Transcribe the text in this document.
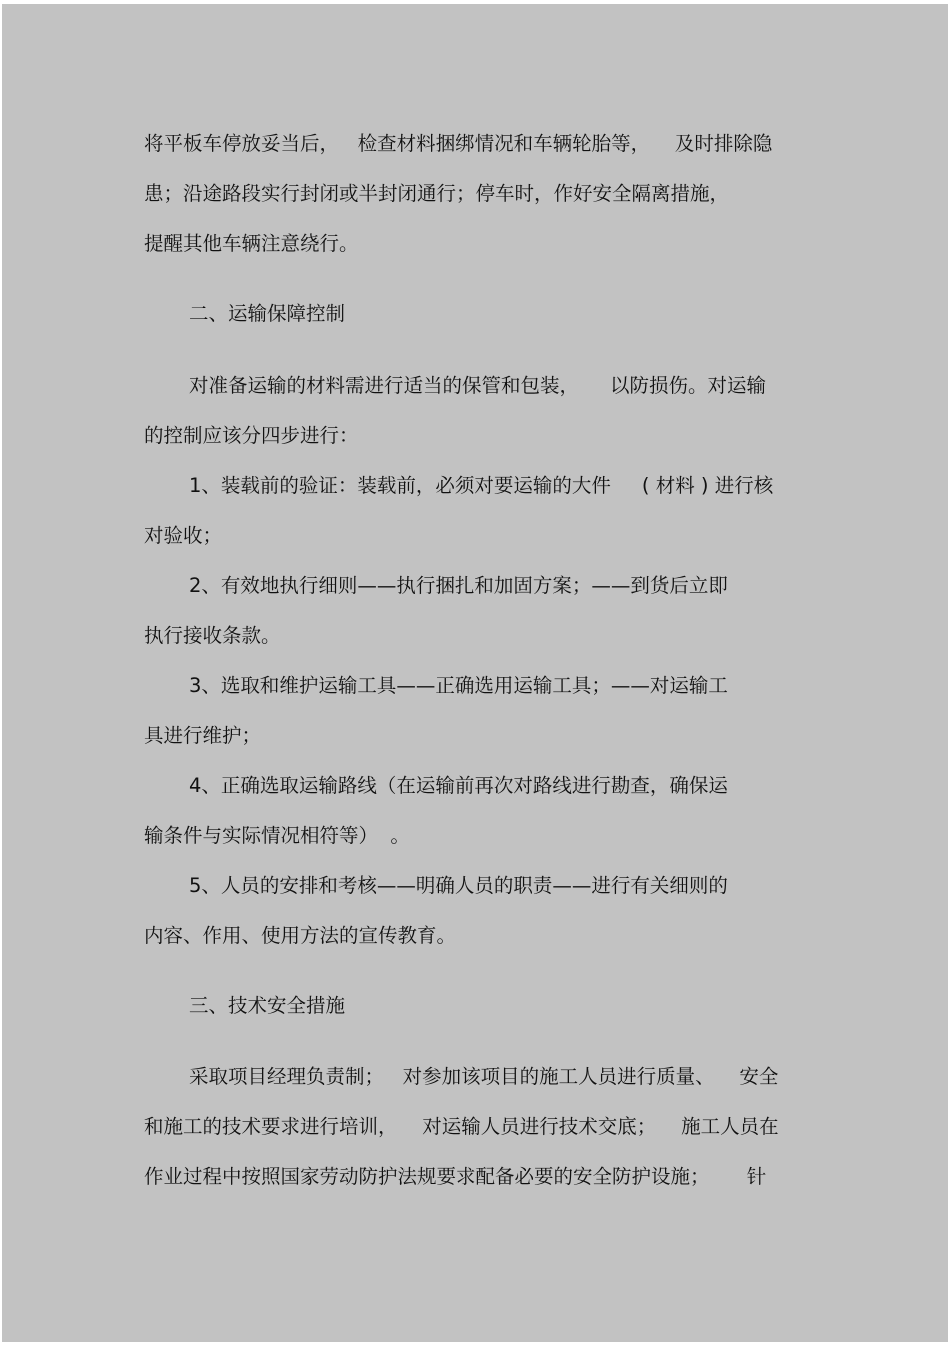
将平板车停放妥当后，   检查材料捆绑情况和车辆轮胎等，    及时排除隐
患；沿途路段实行封闭或半封闭通行；停车时，作好安全隔离措施，
提醒其他车辆注意绕行。
二、运输保障控制
对准备运输的材料需进行适当的保管和包装，     以防损伤。对运输
的控制应该分四步进行：
1、装载前的验证：装载前，必须对要运输的大件     ( 材料 ) 进行核
对验收；
2、有效地执行细则——执行捆扎和加固方案；——到货后立即
执行接收条款。
3、选取和维护运输工具——正确选用运输工具；——对运输工
具进行维护；
4、正确选取运输路线（在运输前再次对路线进行勘查，确保运
输条件与实际情况相符等）  。
5、人员的安排和考核——明确人员的职责——进行有关细则的
内容、作用、使用方法的宣传教育。
三、技术安全措施
采取项目经理负责制；   对参加该项目的施工人员进行质量、    安全
和施工的技术要求进行培训，    对运输人员进行技术交底；    施工人员在
作业过程中按照国家劳动防护法规要求配备必要的安全防护设施；      针
